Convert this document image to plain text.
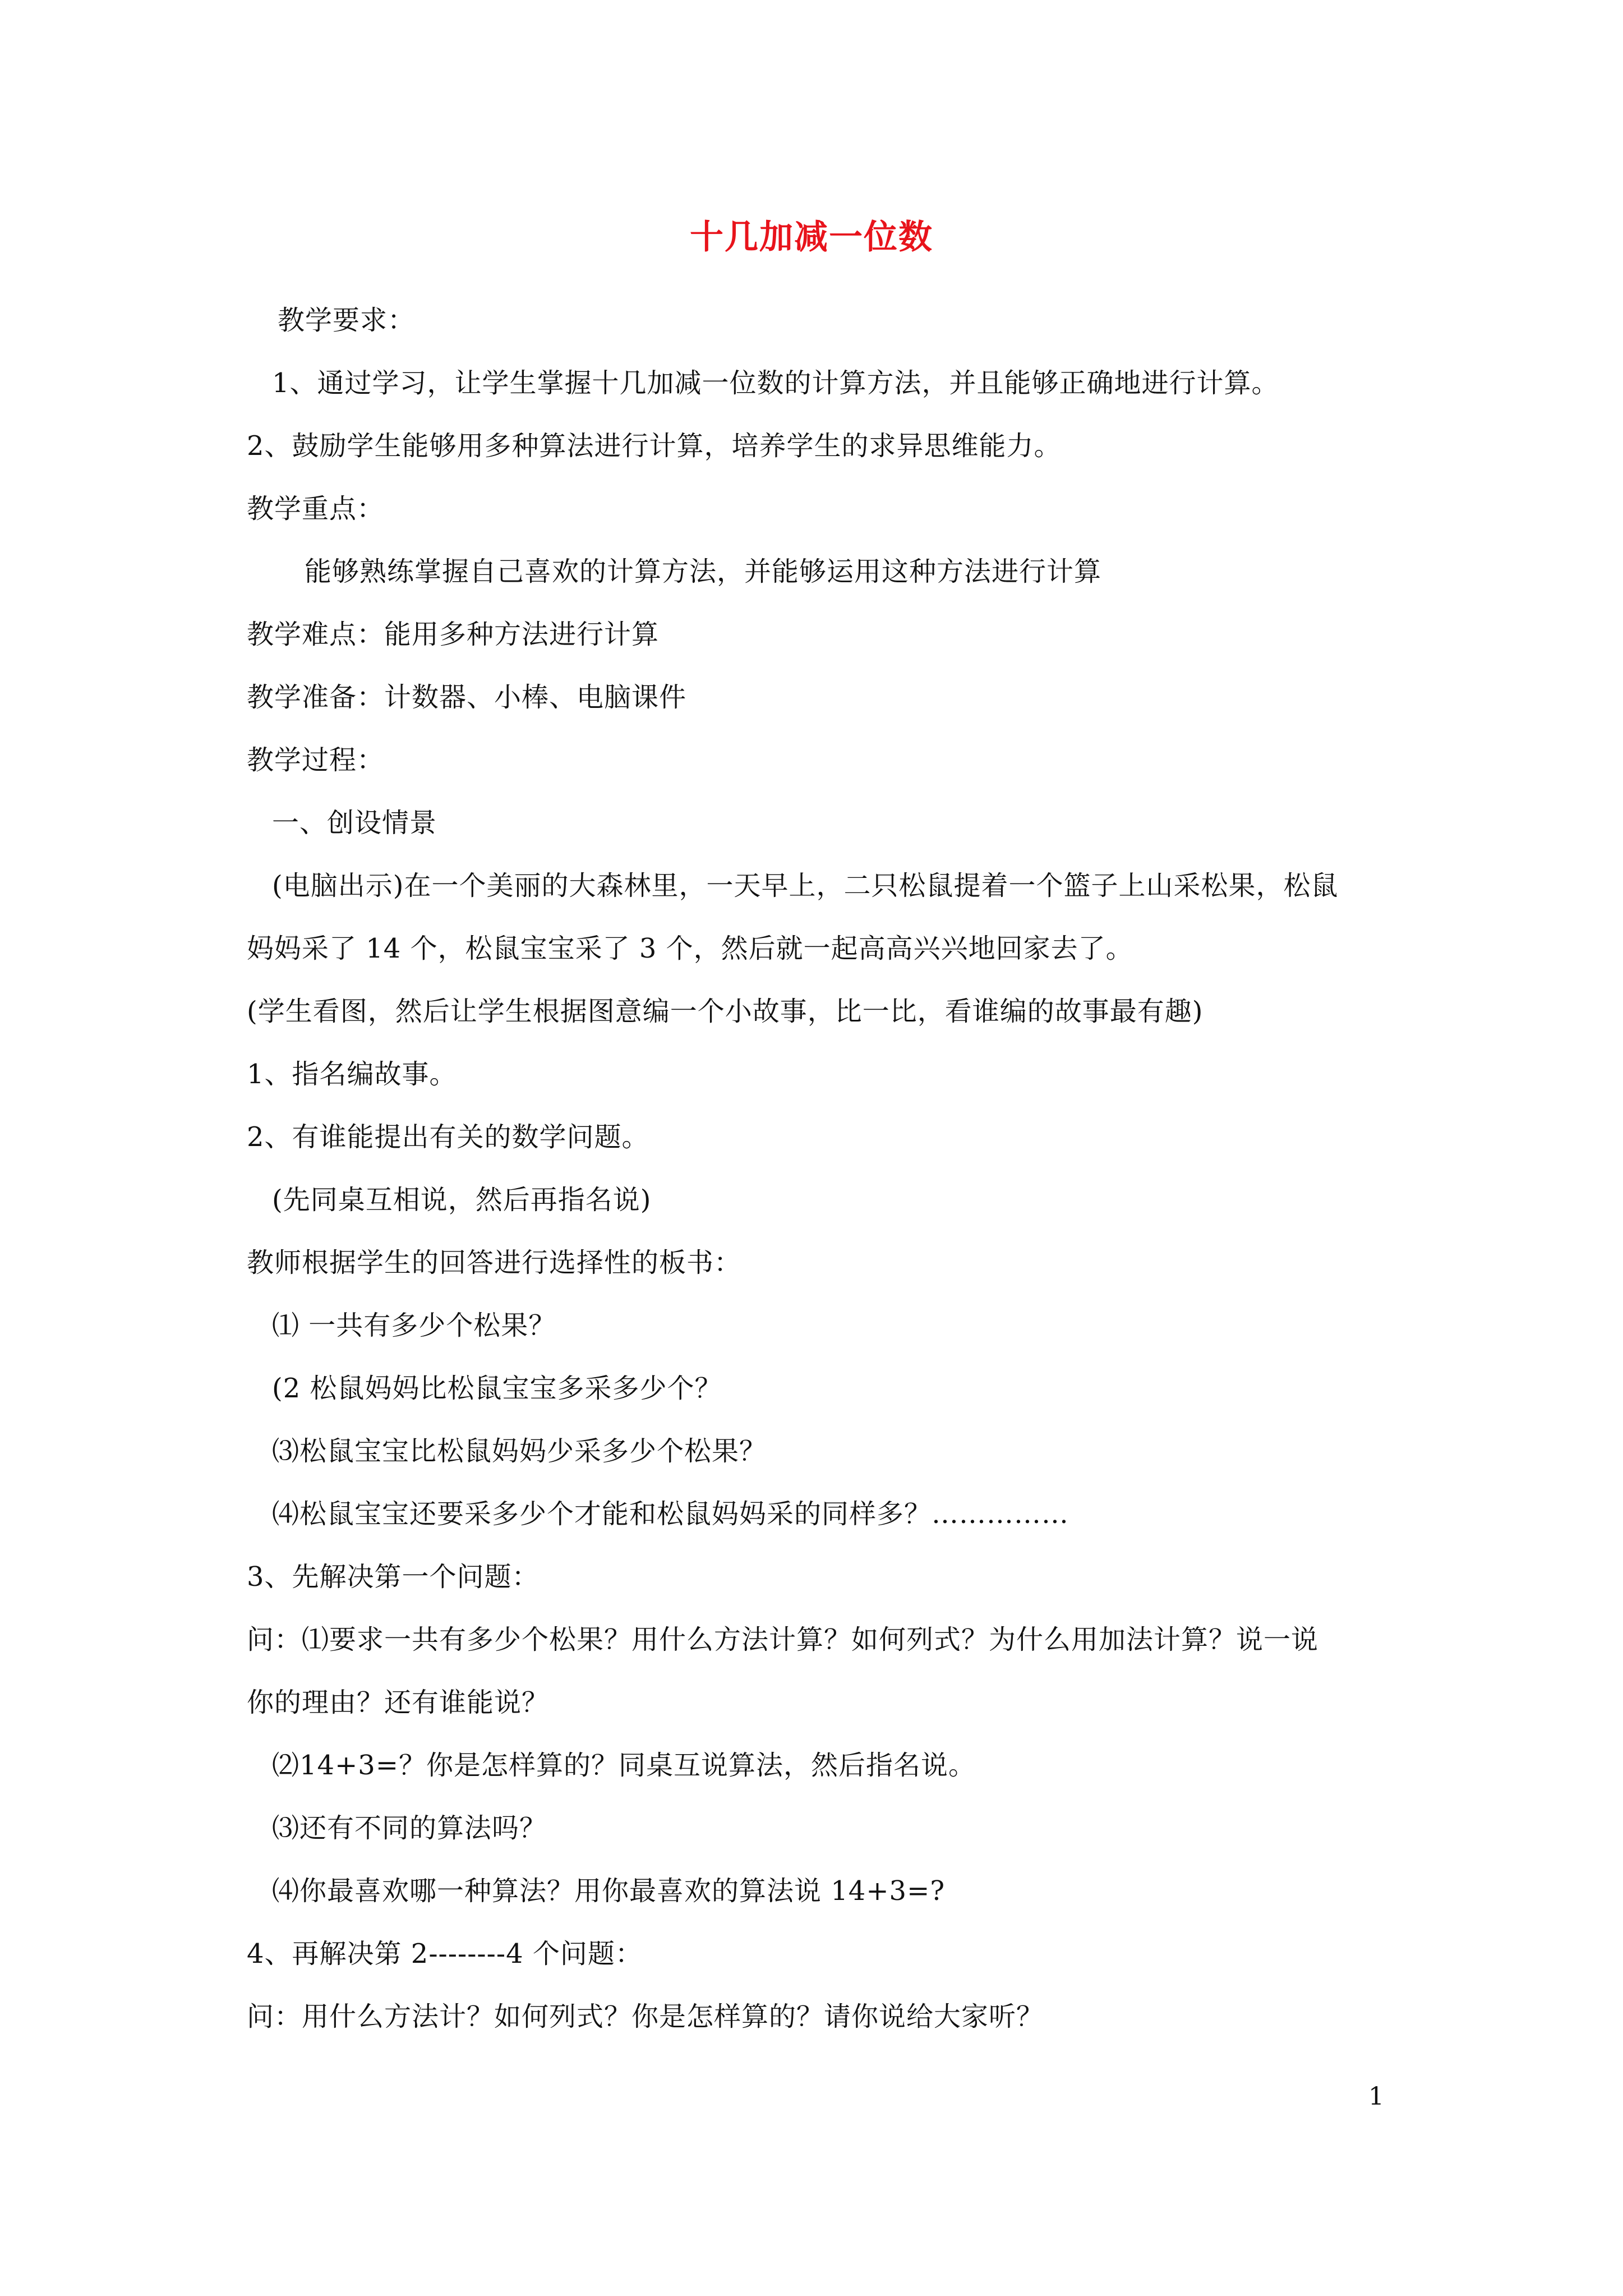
十几加减一位数
教学要求：
1、通过学习，让学生掌握十几加减一位数的计算方法，并且能够正确地进行计算。
2、鼓励学生能够用多种算法进行计算，培养学生的求异思维能力。
教学重点：
能够熟练掌握自己喜欢的计算方法，并能够运用这种方法进行计算
教学难点：能用多种方法进行计算
教学准备：计数器、小棒、电脑课件
教学过程：
一、创设情景
(电脑出示)在一个美丽的大森林里，一天早上，二只松鼠提着一个篮子上山采松果，松鼠
妈妈采了 14 个，松鼠宝宝采了 3 个，然后就一起高高兴兴地回家去了。
(学生看图，然后让学生根据图意编一个小故事，比一比，看谁编的故事最有趣)
1、指名编故事。
2、有谁能提出有关的数学问题。
(先同桌互相说，然后再指名说)
教师根据学生的回答进行选择性的板书：
⑴ 一共有多少个松果？
(2 松鼠妈妈比松鼠宝宝多采多少个？
⑶松鼠宝宝比松鼠妈妈少采多少个松果？
⑷松鼠宝宝还要采多少个才能和松鼠妈妈采的同样多？……………
3、先解决第一个问题：
问：⑴要求一共有多少个松果？用什么方法计算？如何列式？为什么用加法计算？说一说
你的理由？还有谁能说？
⑵14+3=？你是怎样算的？同桌互说算法，然后指名说。
⑶还有不同的算法吗？
⑷你最喜欢哪一种算法？用你最喜欢的算法说 14+3=?
4、再解决第 2--------4 个问题：
问：用什么方法计？如何列式？你是怎样算的？请你说给大家听？
1
